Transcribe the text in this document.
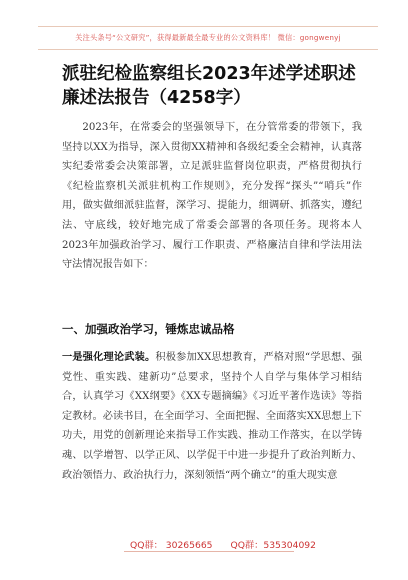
关注头条号“公文研究”，获得最新最全最专业的公文资料库！ 微信：gongwenyj
派驻纪检监察组长2023年述学述职述廉述法报告（4258字）
2023年，在常委会的坚强领导下，在分管常委的带领下，我坚持以XX为指导，深入贯彻XX精神和各级纪委全会精神，认真落实纪委常委会决策部署，立足派驻监督岗位职责，严格贯彻执行《纪检监察机关派驻机构工作规则》，充分发挥“探头”“哨兵”作用，做实做细派驻监督，深学习、提能力，细调研、抓落实，遵纪法、守底线，较好地完成了常委会部署的各项任务。现将本人2023年加强政治学习、履行工作职责、严格廉洁自律和学法用法守法情况报告如下：
一、加强政治学习，锤炼忠诚品格
一是强化理论武装。积极参加XX思想教育，严格对照“学思想、强党性、重实践、建新功”总要求，坚持个人自学与集体学习相结合，认真学习《XX纲要》《XX专题摘编》《习近平著作选读》等指定教材。必读书目，在全面学习、全面把握、全面落实XX思想上下功夫，用党的创新理论来指导工作实践、推动工作落实，在以学铸魂、以学增智、以学正风、以学促干中进一步提升了政治判断力、政治领悟力、政治执行力，深刻领悟“两个确立”的重大现实意
QQ群： 30265665 QQ群：535304092
